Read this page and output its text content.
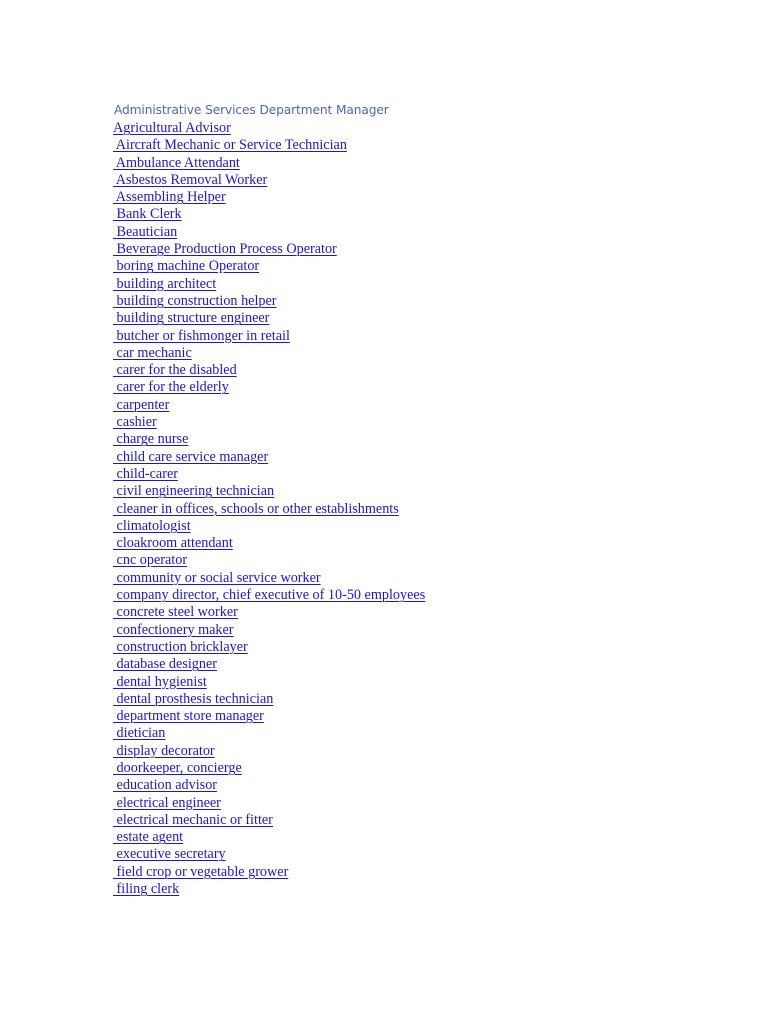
Administrative Services Department Manager
Agricultural Advisor
Aircraft Mechanic or Service Technician
Ambulance Attendant
Asbestos Removal Worker
Assembling Helper
Bank Clerk
Beautician
Beverage Production Process Operator
boring machine Operator
building architect
building construction helper
building structure engineer
butcher or fishmonger in retail
car mechanic
carer for the disabled
carer for the elderly
carpenter
cashier
charge nurse
child care service manager
child-carer
civil engineering technician
cleaner in offices, schools or other establishments
climatologist
cloakroom attendant
cnc operator
community or social service worker
company director, chief executive of 10-50 employees
concrete steel worker
confectionery maker
construction bricklayer
database designer
dental hygienist
dental prosthesis technician
department store manager
dietician
display decorator
doorkeeper, concierge
education advisor
electrical engineer
electrical mechanic or fitter
estate agent
executive secretary
field crop or vegetable grower
filing clerk
